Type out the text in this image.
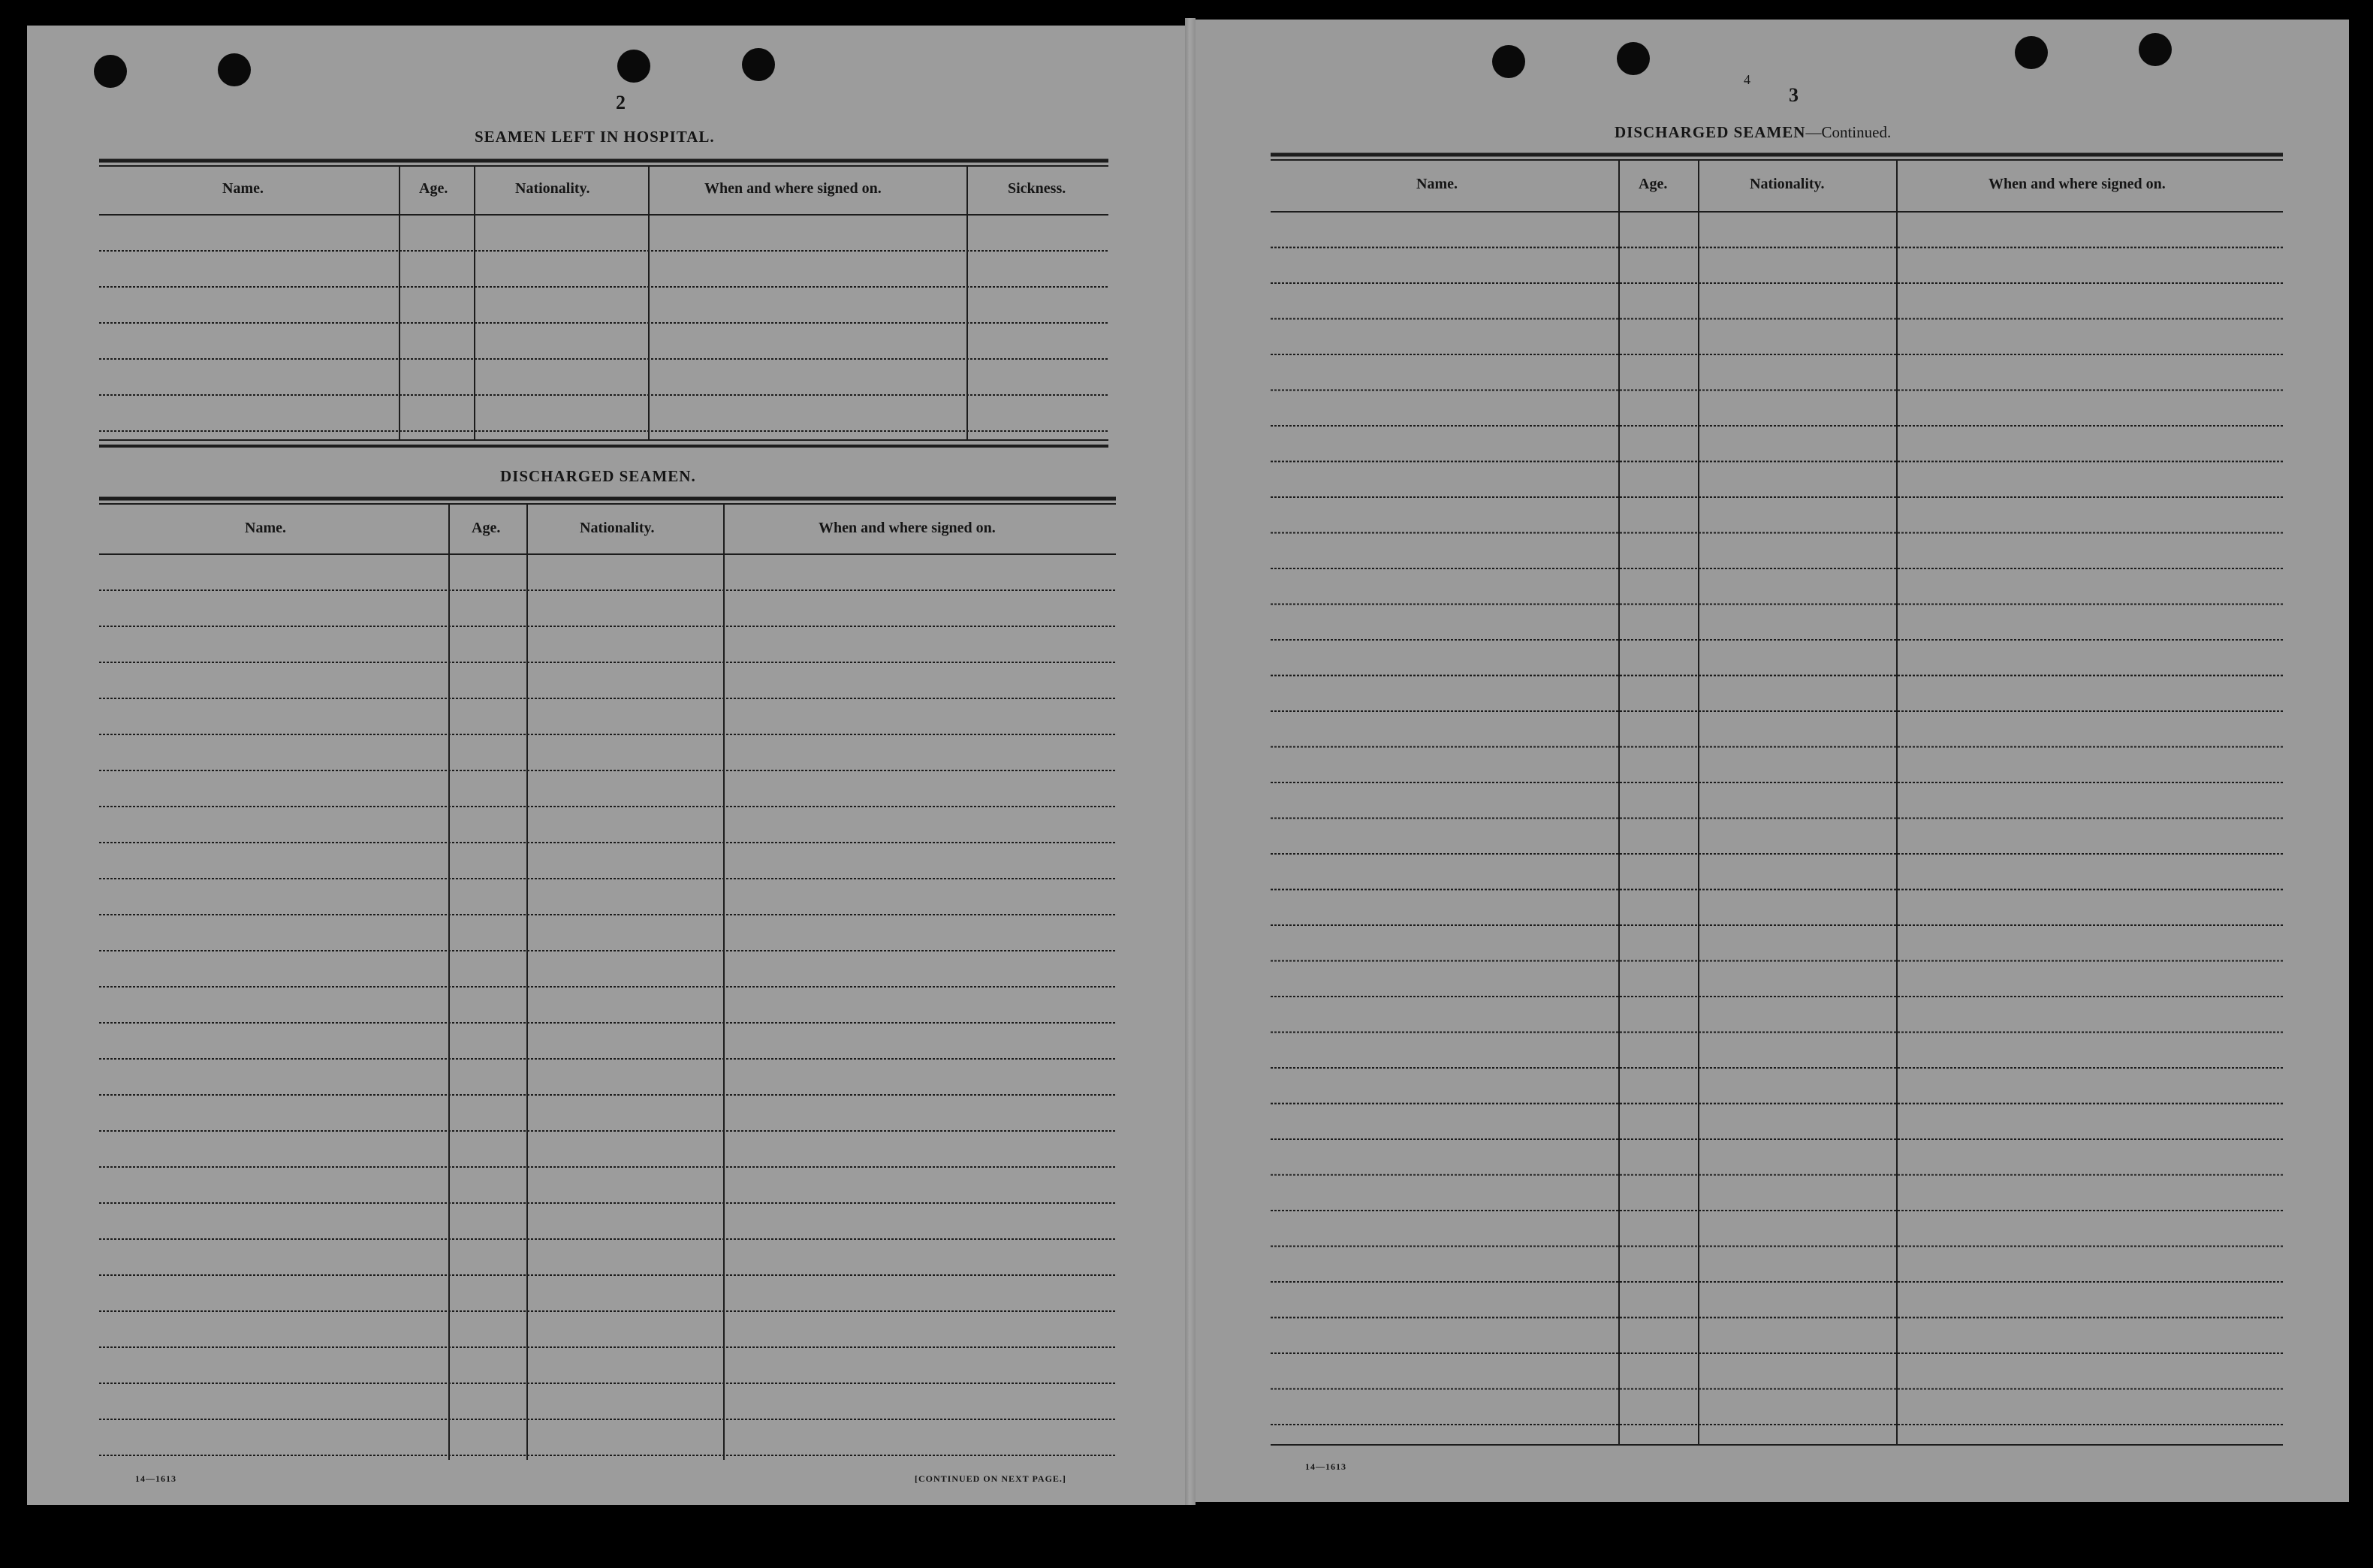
2
SEAMEN LEFT IN HOSPITAL.
Name.	Age.	Nationality.	When and where signed on.	Sickness.
DISCHARGED SEAMEN.
Name.	Age.	Nationality.	When and where signed on.
14—1613	[CONTINUED ON NEXT PAGE.]
4
3
DISCHARGED SEAMEN—Continued.
Name.	Age.	Nationality.	When and where signed on.
14—1613
